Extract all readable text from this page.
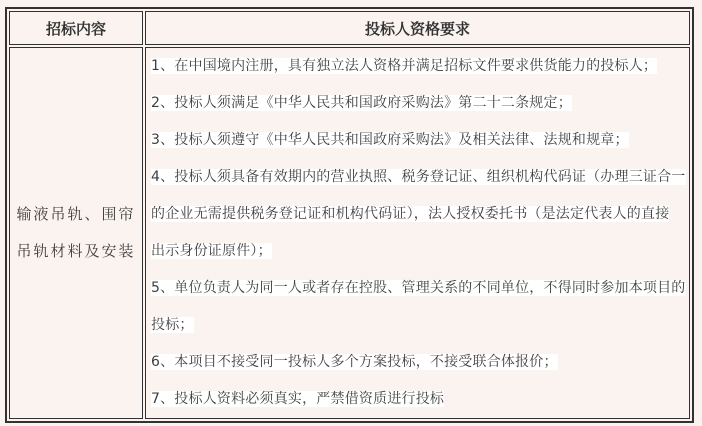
招标内容	投标人资格要求

输液吊轨、围帘
吊轨材料及安装

1、在中国境内注册，具有独立法人资格并满足招标文件要求供货能力的投标人；
2、投标人须满足《中华人民共和国政府采购法》第二十二条规定；
3、投标人须遵守《中华人民共和国政府采购法》及相关法律、法规和规章；
4、投标人须具备有效期内的营业执照、税务登记证、组织机构代码证（办理三证合一
的企业无需提供税务登记证和机构代码证），法人授权委托书（是法定代表人的直接
出示身份证原件）；
5、单位负责人为同一人或者存在控股、管理关系的不同单位，不得同时参加本项目的
投标；
6、本项目不接受同一投标人多个方案投标，不接受联合体报价；
7、投标人资料必须真实，严禁借资质进行投标
